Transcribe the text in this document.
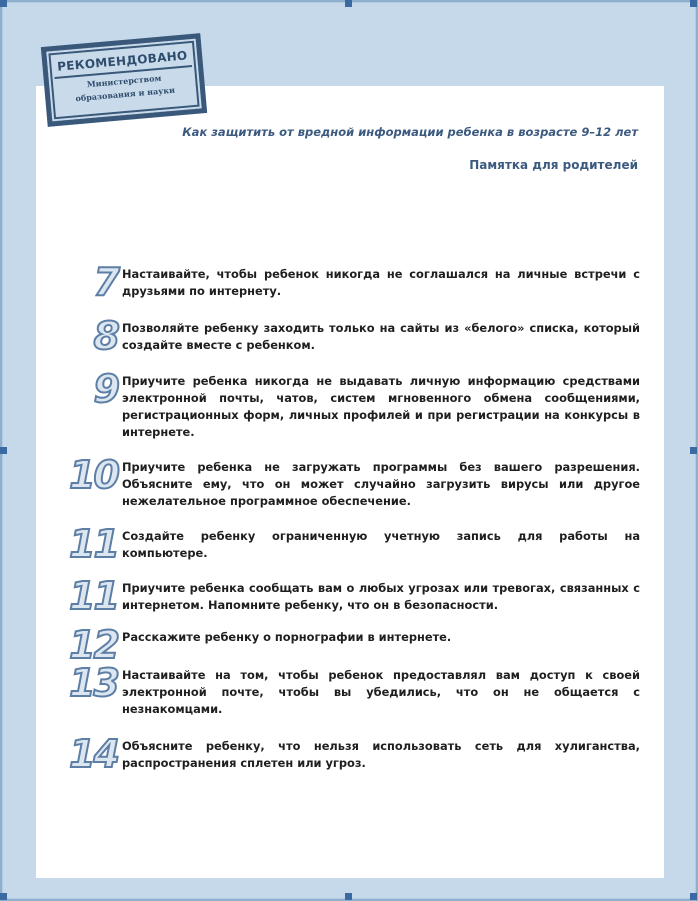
РЕКОМЕНДОВАНО
Министерством
образования и науки
Как защитить от вредной информации ребенка в возрасте 9–12 лет
Памятка для родителей
7 Настаивайте, чтобы ребенок никогда не соглашался на личные встречи с друзьями по интернету.
8 Позволяйте ребенку заходить только на сайты из «белого» списка, который создайте вместе с ребенком.
9 Приучите ребенка никогда не выдавать личную информацию средствами электронной почты, чатов, систем мгновенного обмена сообщениями, регистрационных форм, личных профилей и при регистрации на конкурсы в интернете.
10 Приучите ребенка не загружать программы без вашего разрешения. Объясните ему, что он может случайно загрузить вирусы или другое нежелательное программное обеспечение.
11 Создайте ребенку ограниченную учетную запись для работы на компьютере.
11 Приучите ребенка сообщать вам о любых угрозах или тревогах, связанных с интернетом. Напомните ребенку, что он в безопасности.
12 Расскажите ребенку о порнографии в интернете.
13 Настаивайте на том, чтобы ребенок предоставлял вам доступ к своей электронной почте, чтобы вы убедились, что он не общается с незнакомцами.
14 Объясните ребенку, что нельзя использовать сеть для хулиганства, распространения сплетен или угроз.
